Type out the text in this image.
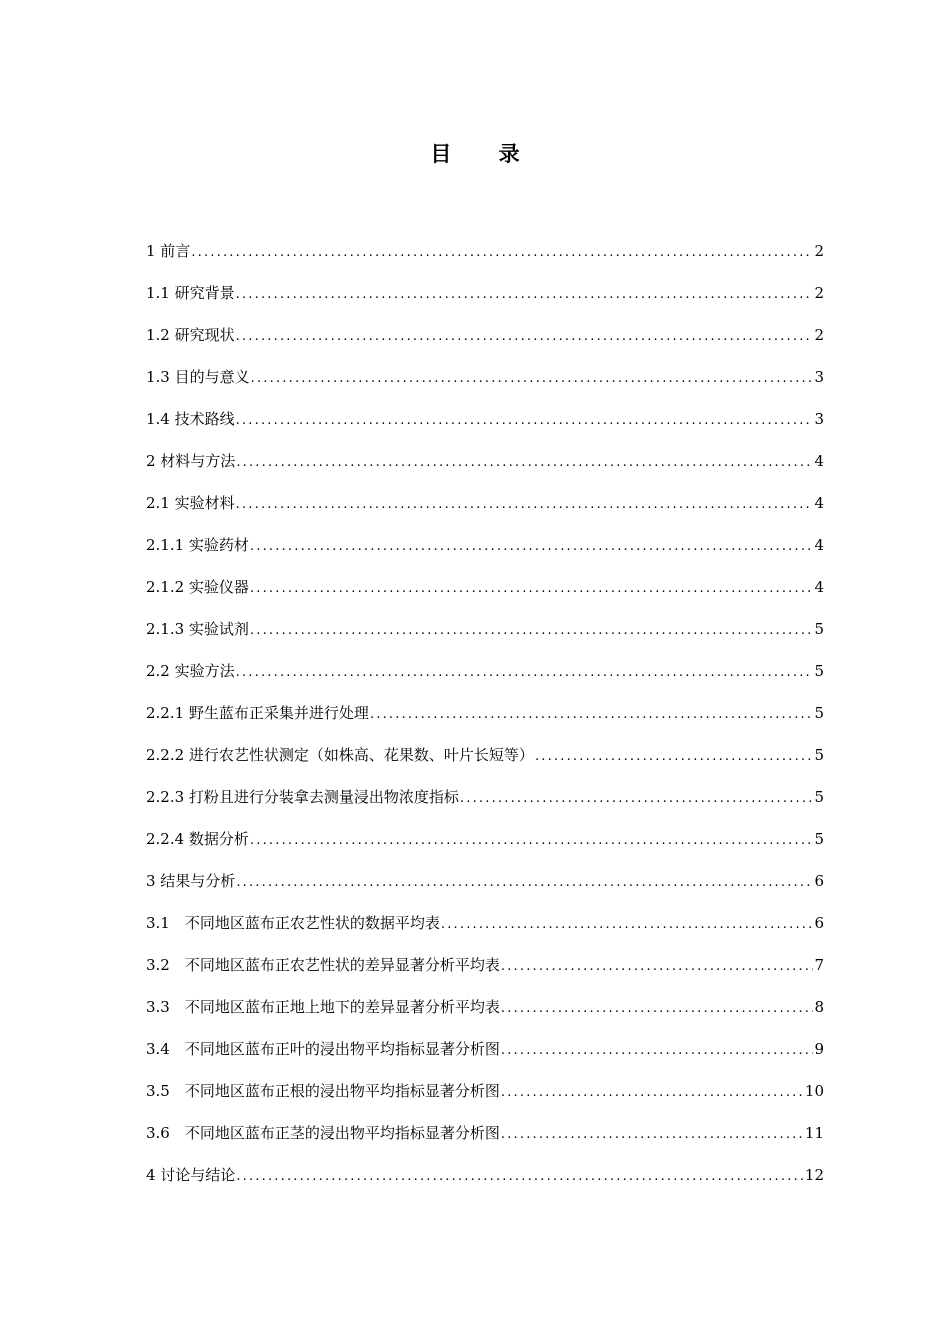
目 录
1 前言 .....	2
1.1 研究背景 .....	2
1.2 研究现状 .....	2
1.3 目的与意义 .....	3
1.4 技术路线 .....	3
2 材料与方法 .....	4
2.1 实验材料 .....	4
2.1.1 实验药材 .....	4
2.1.2 实验仪器 .....	4
2.1.3 实验试剂 .....	5
2.2 实验方法 .....	5
2.2.1 野生蓝布正采集并进行处理 .....	5
2.2.2 进行农艺性状测定（如株高、花果数、叶片长短等） .....	5
2.2.3 打粉且进行分装拿去测量浸出物浓度指标 .....	5
2.2.4 数据分析 .....	5
3 结果与分析 .....	6
3.1　不同地区蓝布正农艺性状的数据平均表 .....	6
3.2　不同地区蓝布正农艺性状的差异显著分析平均表 .....	7
3.3　不同地区蓝布正地上地下的差异显著分析平均表 .....	8
3.4　不同地区蓝布正叶的浸出物平均指标显著分析图 .....	9
3.5　不同地区蓝布正根的浸出物平均指标显著分析图 .....	10
3.6　不同地区蓝布正茎的浸出物平均指标显著分析图 .....	11
4 讨论与结论 .....	12
